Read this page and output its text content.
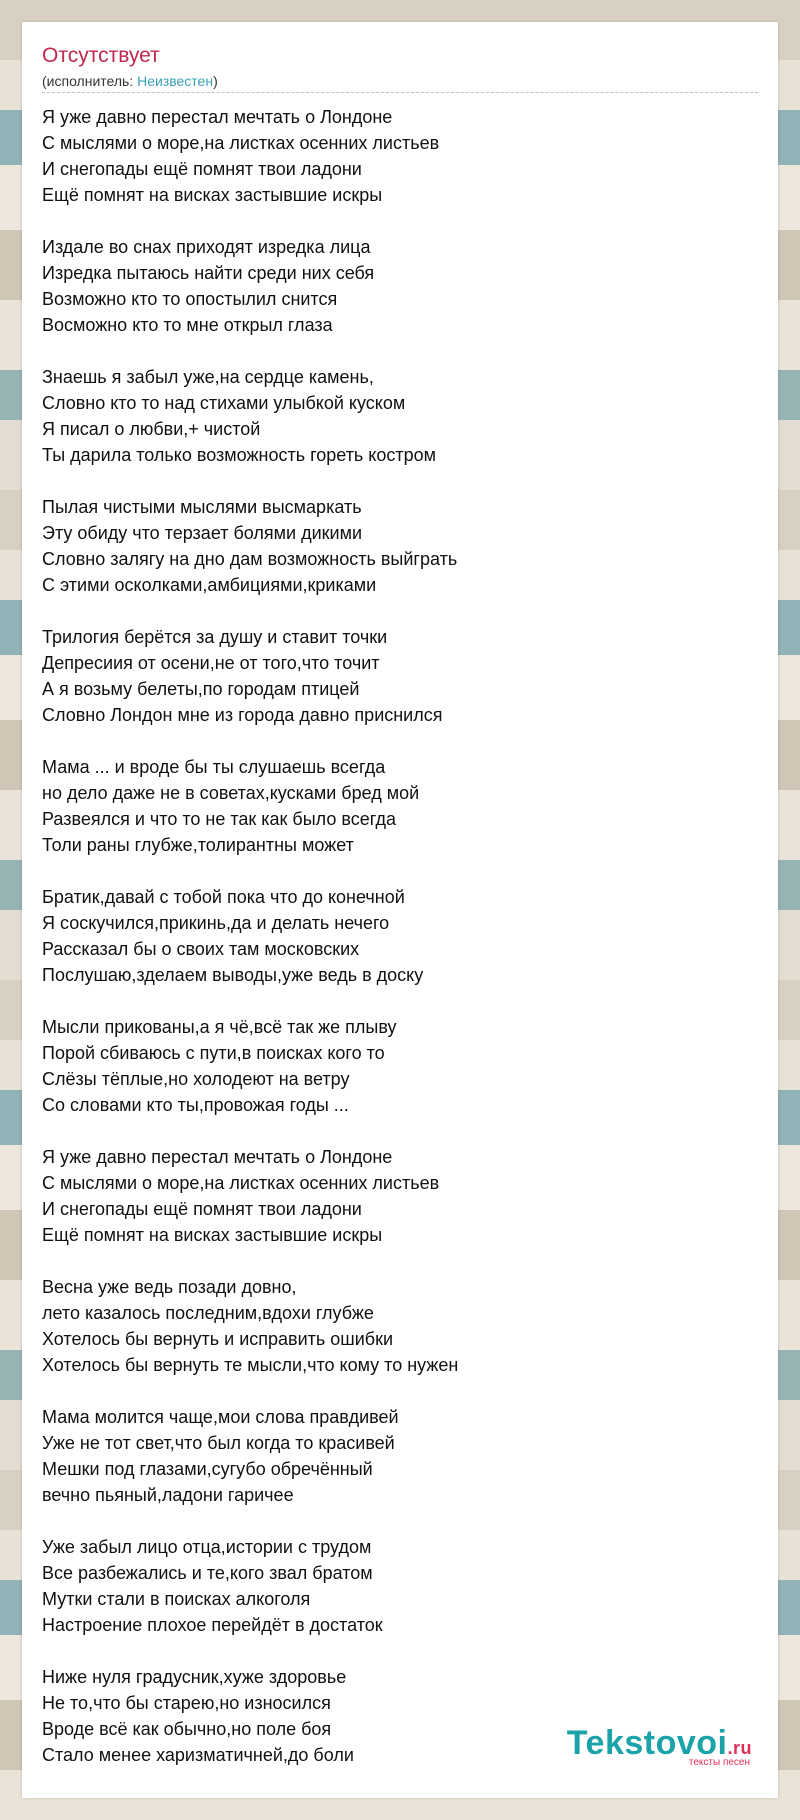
Отсутствует
(исполнитель: Неизвестен)
Я уже давно перестал мечтать о Лондоне
С мыслями о море,на листках осенних листьев
И снегопады ещё помнят твои ладони
Ещё помнят на висках застывшие искры
Издале во снах приходят изредка лица
Изредка пытаюсь найти среди них себя
Возможно кто то опостылил снится
Восможно кто то мне открыл глаза
Знаешь я забыл уже,на сердце камень,
Словно кто то над стихами улыбкой куском
Я писал о любви,+ чистой
Ты дарила только возможность гореть костром
Пылая чистыми мыслями высмаркать
Эту обиду что терзает болями дикими
Словно залягу на дно дам возможность выйграть
С этими осколками,амбициями,криками
Трилогия берётся за душу и ставит точки
Депресиия от осени,не от того,что точит
А я возьму белеты,по городам птицей
Словно Лондон мне из города давно приснился
Мама ... и вроде бы ты слушаешь всегда
но дело даже не в советах,кусками бред мой
Развеялся и что то не так как было всегда
Толи раны глубже,толирантны может
Братик,давай с тобой пока что до конечной
Я соскучился,прикинь,да и делать нечего
Рассказал бы о своих там московских
Послушаю,зделаем выводы,уже ведь в доску
Мысли прикованы,а я чё,всё так же плыву
Порой сбиваюсь с пути,в поисках кого то
Слёзы тёплые,но холодеют на ветру
Со словами кто ты,провожая годы ...
Я уже давно перестал мечтать о Лондоне
С мыслями о море,на листках осенних листьев
И снегопады ещё помнят твои ладони
Ещё помнят на висках застывшие искры
Весна уже ведь позади довно,
лето казалось последним,вдохи глубже
Хотелось бы вернуть и исправить ошибки
Хотелось бы вернуть те мысли,что кому то нужен
Мама молится чаще,мои слова правдивей
Уже не тот свет,что был когда то красивей
Мешки под глазами,сугубо обречённый
вечно пьяный,ладони гаричее
Уже забыл лицо отца,истории с трудом
Все разбежались и те,кого звал братом
Мутки стали в поисках алкоголя
Настроение плохое перейдёт в достаток
Ниже нуля градусник,хуже здоровье
Не то,что бы старею,но износился
Вроде всё как обычно,но поле боя
Стало менее харизматичней,до боли	Tekstovoi.ru
тексты песен
